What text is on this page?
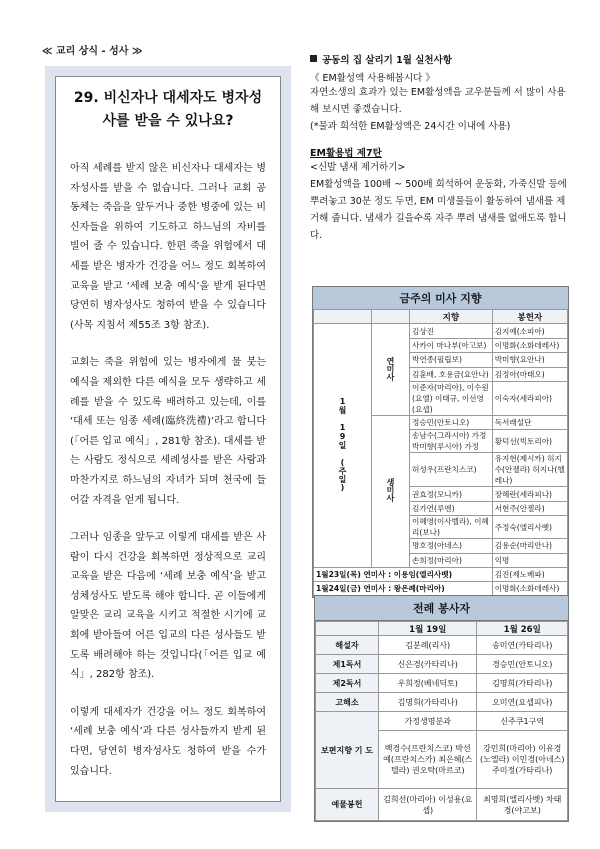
≪ 교리 상식 - 성사 ≫
29. 비신자나 대세자도 병자성사를 받을 수 있나요?

아직 세례를 받지 않은 비신자나 대세자는 병자성사를 받을 수 없습니다. 그러나 교회 공동체는 죽음을 앞두거나 중한 병중에 있는 비신자들을 위하여 기도하고 하느님의 자비를 빌어 줄 수 있습니다. 한편 죽을 위험에서 대세를 받은 병자가 건강을 어느 정도 회복하여 교육을 받고 ‘세례 보충 예식’을 받게 된다면 당연히 병자성사도 청하여 받을 수 있습니다(사목 지침서 제55조 3항 참조).

교회는 죽을 위험에 있는 병자에게 물 붓는 예식을 제외한 다른 예식을 모두 생략하고 세례를 받을 수 있도록 배려하고 있는데, 이를 ‘대세 또는 임종 세례(臨終洗禮)’라고 합니다(「어른 입교 예식」, 281항 참조). 대세를 받는 사람도 정식으로 세례성사를 받은 사람과 마찬가지로 하느님의 자녀가 되며 천국에 들어갈 자격을 얻게 됩니다.

그러나 임종을 앞두고 이렇게 대세를 받은 사람이 다시 건강을 회복하면 정상적으로 교리 교육을 받은 다음에 ‘세례 보충 예식’을 받고 성체성사도 받도록 해야 합니다. 곧 이들에게 알맞은 교리 교육을 시키고 적절한 시기에 교회에 받아들여 어른 입교의 다른 성사들도 받도록 배려해야 하는 것입니다(「어른 입교 예식」, 282항 참조).

이렇게 대세자가 건강을 어느 정도 회복하여 ‘세례 보충 예식’과 다른 성사들까지 받게 된다면, 당연히 병자성사도 청하여 받을 수가 있습니다.

공동의 집 살리기 1월 실천사항
《 EM활성액 사용해봅시다 》
자연소생의 효과가 있는 EM활성액을 교우분들께 서 많이 사용해 보시면 좋겠습니다.
(*물과 희석한 EM활성액은 24시간 이내에 사용)
EM활용법 제7탄
<신발 냄새 제거하기>
EM활성액을 100배 ~ 500배 희석하여 운동화, 가죽신발 등에 뿌려놓고 30분 정도 두면, EM 미생물들이 활동하여 냄새를 제거해 줍니다. 냄새가 길을수록 자주 뿌려 냄새를 없애도록 합니다.
금주의 미사 지향
		지향	봉헌자
1월 19일 (주일)	연미사	김상진	김지예(소피아)
		사카이 마나부(아고보)	이명화(소화데레사)
		박연종(필립보)	박미향(요안나)
		김훈배, 호용금(요안나)	김정아(마태오)
		이준자(마리아), 이수원(요엘) 이태규, 이선영(요셉)	이숙자(세라피아)
	생미사	정승민(안토니오)	독서래설단
		송남수(그라시아) 가정 박미향(루시아) 가정	황덕선(빅토리아)
		허성우(프란치스코)	유지현(제시카) 허지수(안젤라) 허지나(헬레나)
		권효정(모니카)	장혜란(세라피나)
		김가연(루엔)	서현주(안젤라)
		이혜영(이사벨라), 이혜리(보나)	주정숙(엘리사벳)
		명호정(아네스)	김용순(마리안나)
		손희정(마리아)	익명
1월23일(목) 연미사 : 이용임(엘리사벳)			김진(제노베파)
1월24일(금) 연미사 : 왕은례(마리아)			이명화(소화데레사)
전례 봉사자
	1월 19일	1월 26일
해설자	김분례(리사)	송미연(카타리나)
제1독서	신은경(카타리나)	경승민(안토니오)
제2독서	우희정(베네딕토)	김명희(가타리나)
고해소	김명희(가타리나)	오미연(요셉피나)
보편지향 기 도	가정생명분과	신주쿠1구역
	백경수(프란치스코) 박선예(프란치스카) 최은혜(스텔라) 권오탁(마르코)	강민희(마리아) 이유경(노엘라) 이민경(아네스) 주미정(가타리나)
예물봉헌	김희선(마리아) 이성용(요셉)	최명희(엘리사벳) 차태경(야고보)
